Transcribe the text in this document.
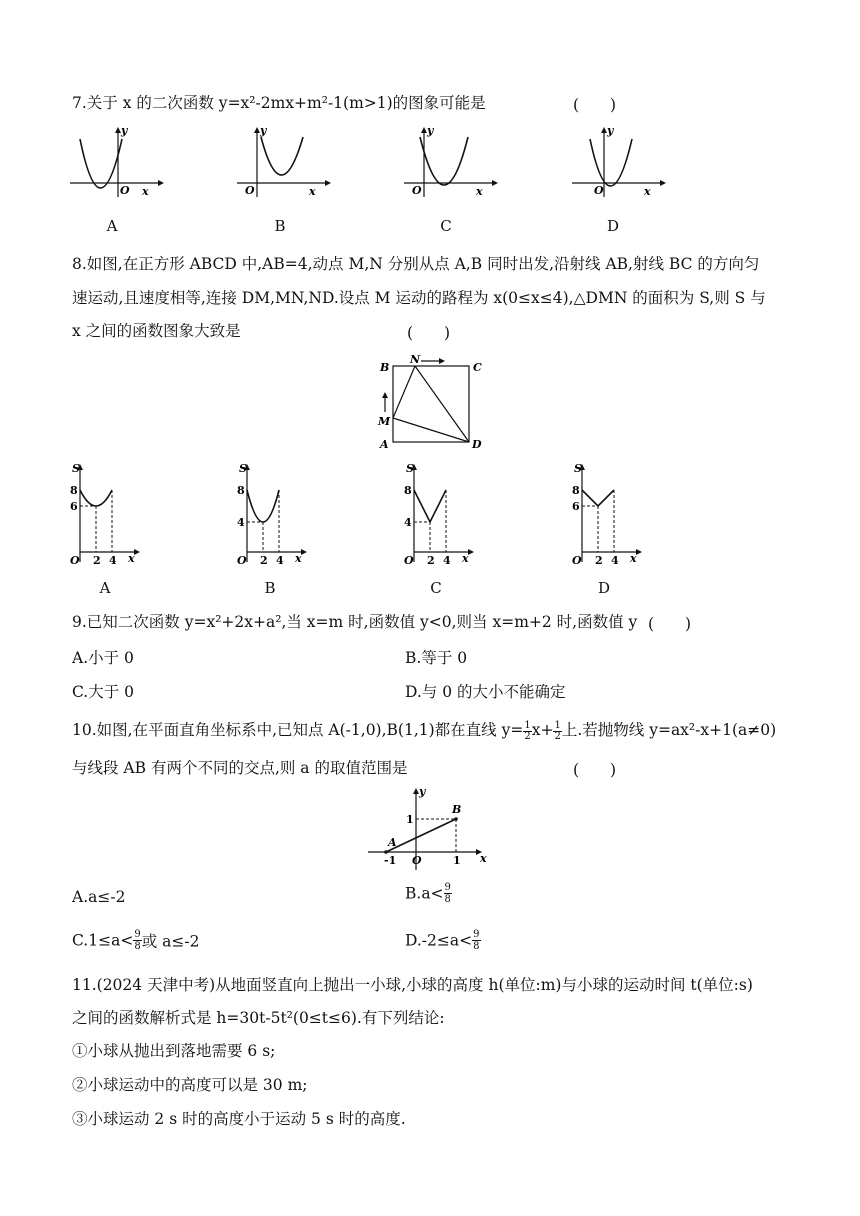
7.关于 x 的二次函数 y=x²-2mx+m²-1(m>1)的图象可能是	(　　)
y
O x
y
O	x
y
O	x
y
O	x
A	B	C	D
8.如图,在正方形 ABCD 中,AB=4,动点 M,N 分别从点 A,B 同时出发,沿射线 AB,射线 BC 的方向匀
速运动,且速度相等,连接 DM,MN,ND.设点 M 运动的路程为 x(0≤x≤4),△DMN 的面积为 S,则 S 与
x 之间的函数图象大致是	(　　)
B
N
C
M
A	D
S
8
6
O 2 4 x
S
8
4
O 2 4 x
S
8
4
O 2 4 x
S
8
6
O 2 4 x
A	B	C	D
9.已知二次函数 y=x²+2x+a²,当 x=m 时,函数值 y<0,则当 x=m+2 时,函数值 y (　　)
A.小于 0	B.等于 0
C.大于 0	D.与 0 的大小不能确定
10.如图,在平面直角坐标系中,已知点 A(-1,0),B(1,1)都在直线 $y= \frac{1}{2} x+ \frac{1}{2}$ 上.若抛物线 y=ax²-x+1(a≠0)
与线段 AB 有两个不同的交点,则 a 的取值范围是	(　　)
y
x
O
A
B
1
1
-1
A.a≤-2	$B.a< \frac{9}{8}$
$C.1\le a< \frac{9}{8}$ 或 a≤-2	$D.-2\le a< \frac{9}{8}$
11.(2024 天津中考)从地面竖直向上抛出一小球,小球的高度 h(单位:m)与小球的运动时间 t(单位:s)
之间的函数解析式是 h=30t-5t²(0≤t≤6).有下列结论:
①小球从抛出到落地需要 6 s;
②小球运动中的高度可以是 30 m;
③小球运动 2 s 时的高度小于运动 5 s 时的高度.
